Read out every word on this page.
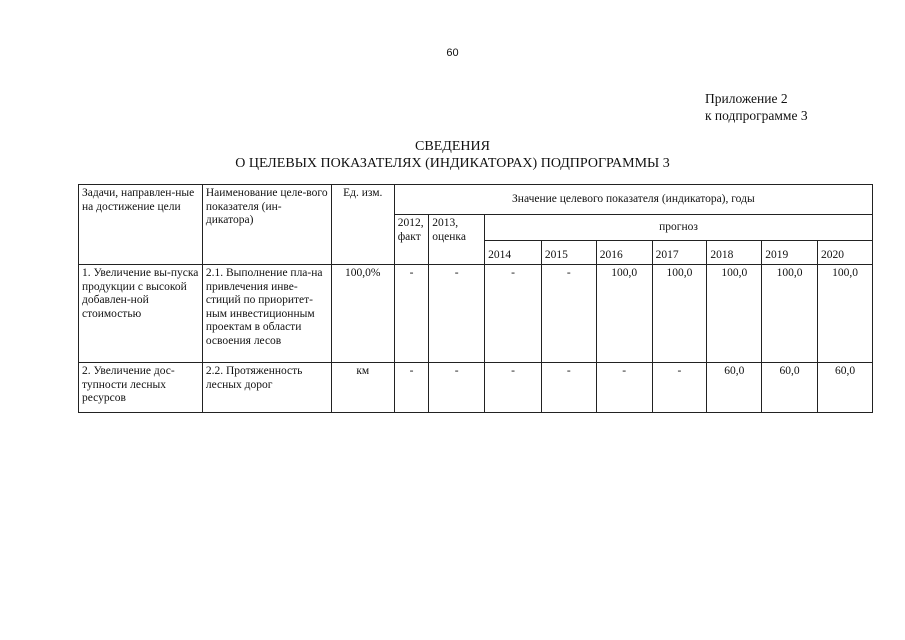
60
Приложение 2
к подпрограмме 3
СВЕДЕНИЯ
О ЦЕЛЕВЫХ ПОКАЗАТЕЛЯХ (ИНДИКАТОРАХ) ПОДПРОГРАММЫ 3
Задачи, направлен-ные на достижение цели	Наименование целе-вого показателя (ин-дикатора)	Ед. изм.	Значение целевого показателя (индикатора), годы								
			2012, факт	2013, оценка	прогноз						
					2014	2015	2016	2017	2018	2019	2020
1. Увеличение вы-пуска продукции с высокой добавлен-ной стоимостью	2.1. Выполнение пла-на привлечения инве-стиций по приоритет-ным инвестиционным проектам в области освоения лесов	100,0%	-	-	-	-	100,0	100,0	100,0	100,0	100,0
2. Увеличение дос-тупности лесных ресурсов	2.2. Протяженность лесных дорог	км	-	-	-	-	-	-	60,0	60,0	60,0
